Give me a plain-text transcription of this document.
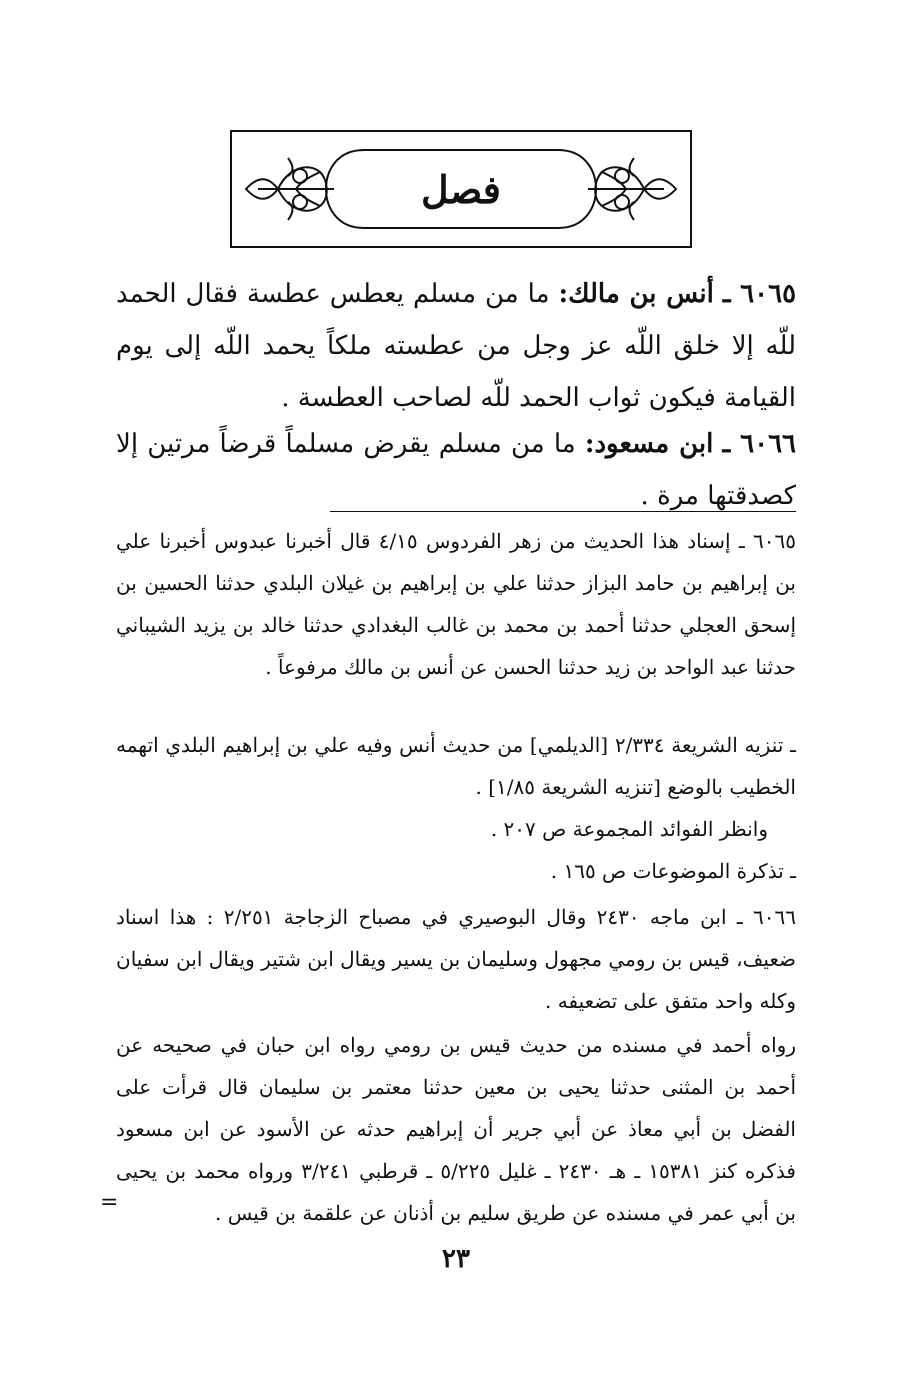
فصل

٦٠٦٥ ـ أنس بن مالك: ما من مسلم يعطس عطسة فقال الحمد للّه إلا خلق اللّه عز وجل من عطسته ملكاً يحمد اللّه إلى يوم القيامة فيكون ثواب الحمد للّه لصاحب العطسة .

٦٠٦٦ ـ ابن مسعود: ما من مسلم يقرض مسلماً قرضاً مرتين إلا كصدقتها مرة .

٦٠٦٥ ـ إسناد هذا الحديث من زهر الفردوس ٤/١٥ قال أخبرنا عبدوس أخبرنا علي بن إبراهيم بن حامد البزاز حدثنا علي بن إبراهيم بن غيلان البلدي حدثنا الحسين بن إسحق العجلي حدثنا أحمد بن محمد بن غالب البغدادي حدثنا خالد بن يزيد الشيباني حدثنا عبد الواحد بن زيد حدثنا الحسن عن أنس بن مالك مرفوعاً .

ـ تنزيه الشريعة ٢/٣٣٤ [الديلمي] من حديث أنس وفيه علي بن إبراهيم البلدي اتهمه الخطيب بالوضع [تنزيه الشريعة ١/٨٥] .

وانظر الفوائد المجموعة ص ٢٠٧ .

ـ تذكرة الموضوعات ص ١٦٥ .

٦٠٦٦ ـ ابن ماجه ٢٤٣٠ وقال البوصيري في مصباح الزجاجة ٢/٢٥١ : هذا اسناد ضعيف، قيس بن رومي مجهول وسليمان بن يسير ويقال ابن شتير ويقال ابن سفيان وكله واحد متفق على تضعيفه .

رواه أحمد في مسنده من حديث قيس بن رومي رواه ابن حبان في صحيحه عن أحمد بن المثنى حدثنا يحيى بن معين حدثنا معتمر بن سليمان قال قرأت على الفضل بن أبي معاذ عن أبي جرير أن إبراهيم حدثه عن الأسود عن ابن مسعود فذكره كنز ١٥٣٨١ ـ هـ ٢٤٣٠ ـ غليل ٥/٢٢٥ ـ قرطبي ٣/٢٤١ ورواه محمد بن يحيى بن أبي عمر في مسنده عن طريق سليم بن أذنان عن علقمة بن قيس .

=
٢٣
